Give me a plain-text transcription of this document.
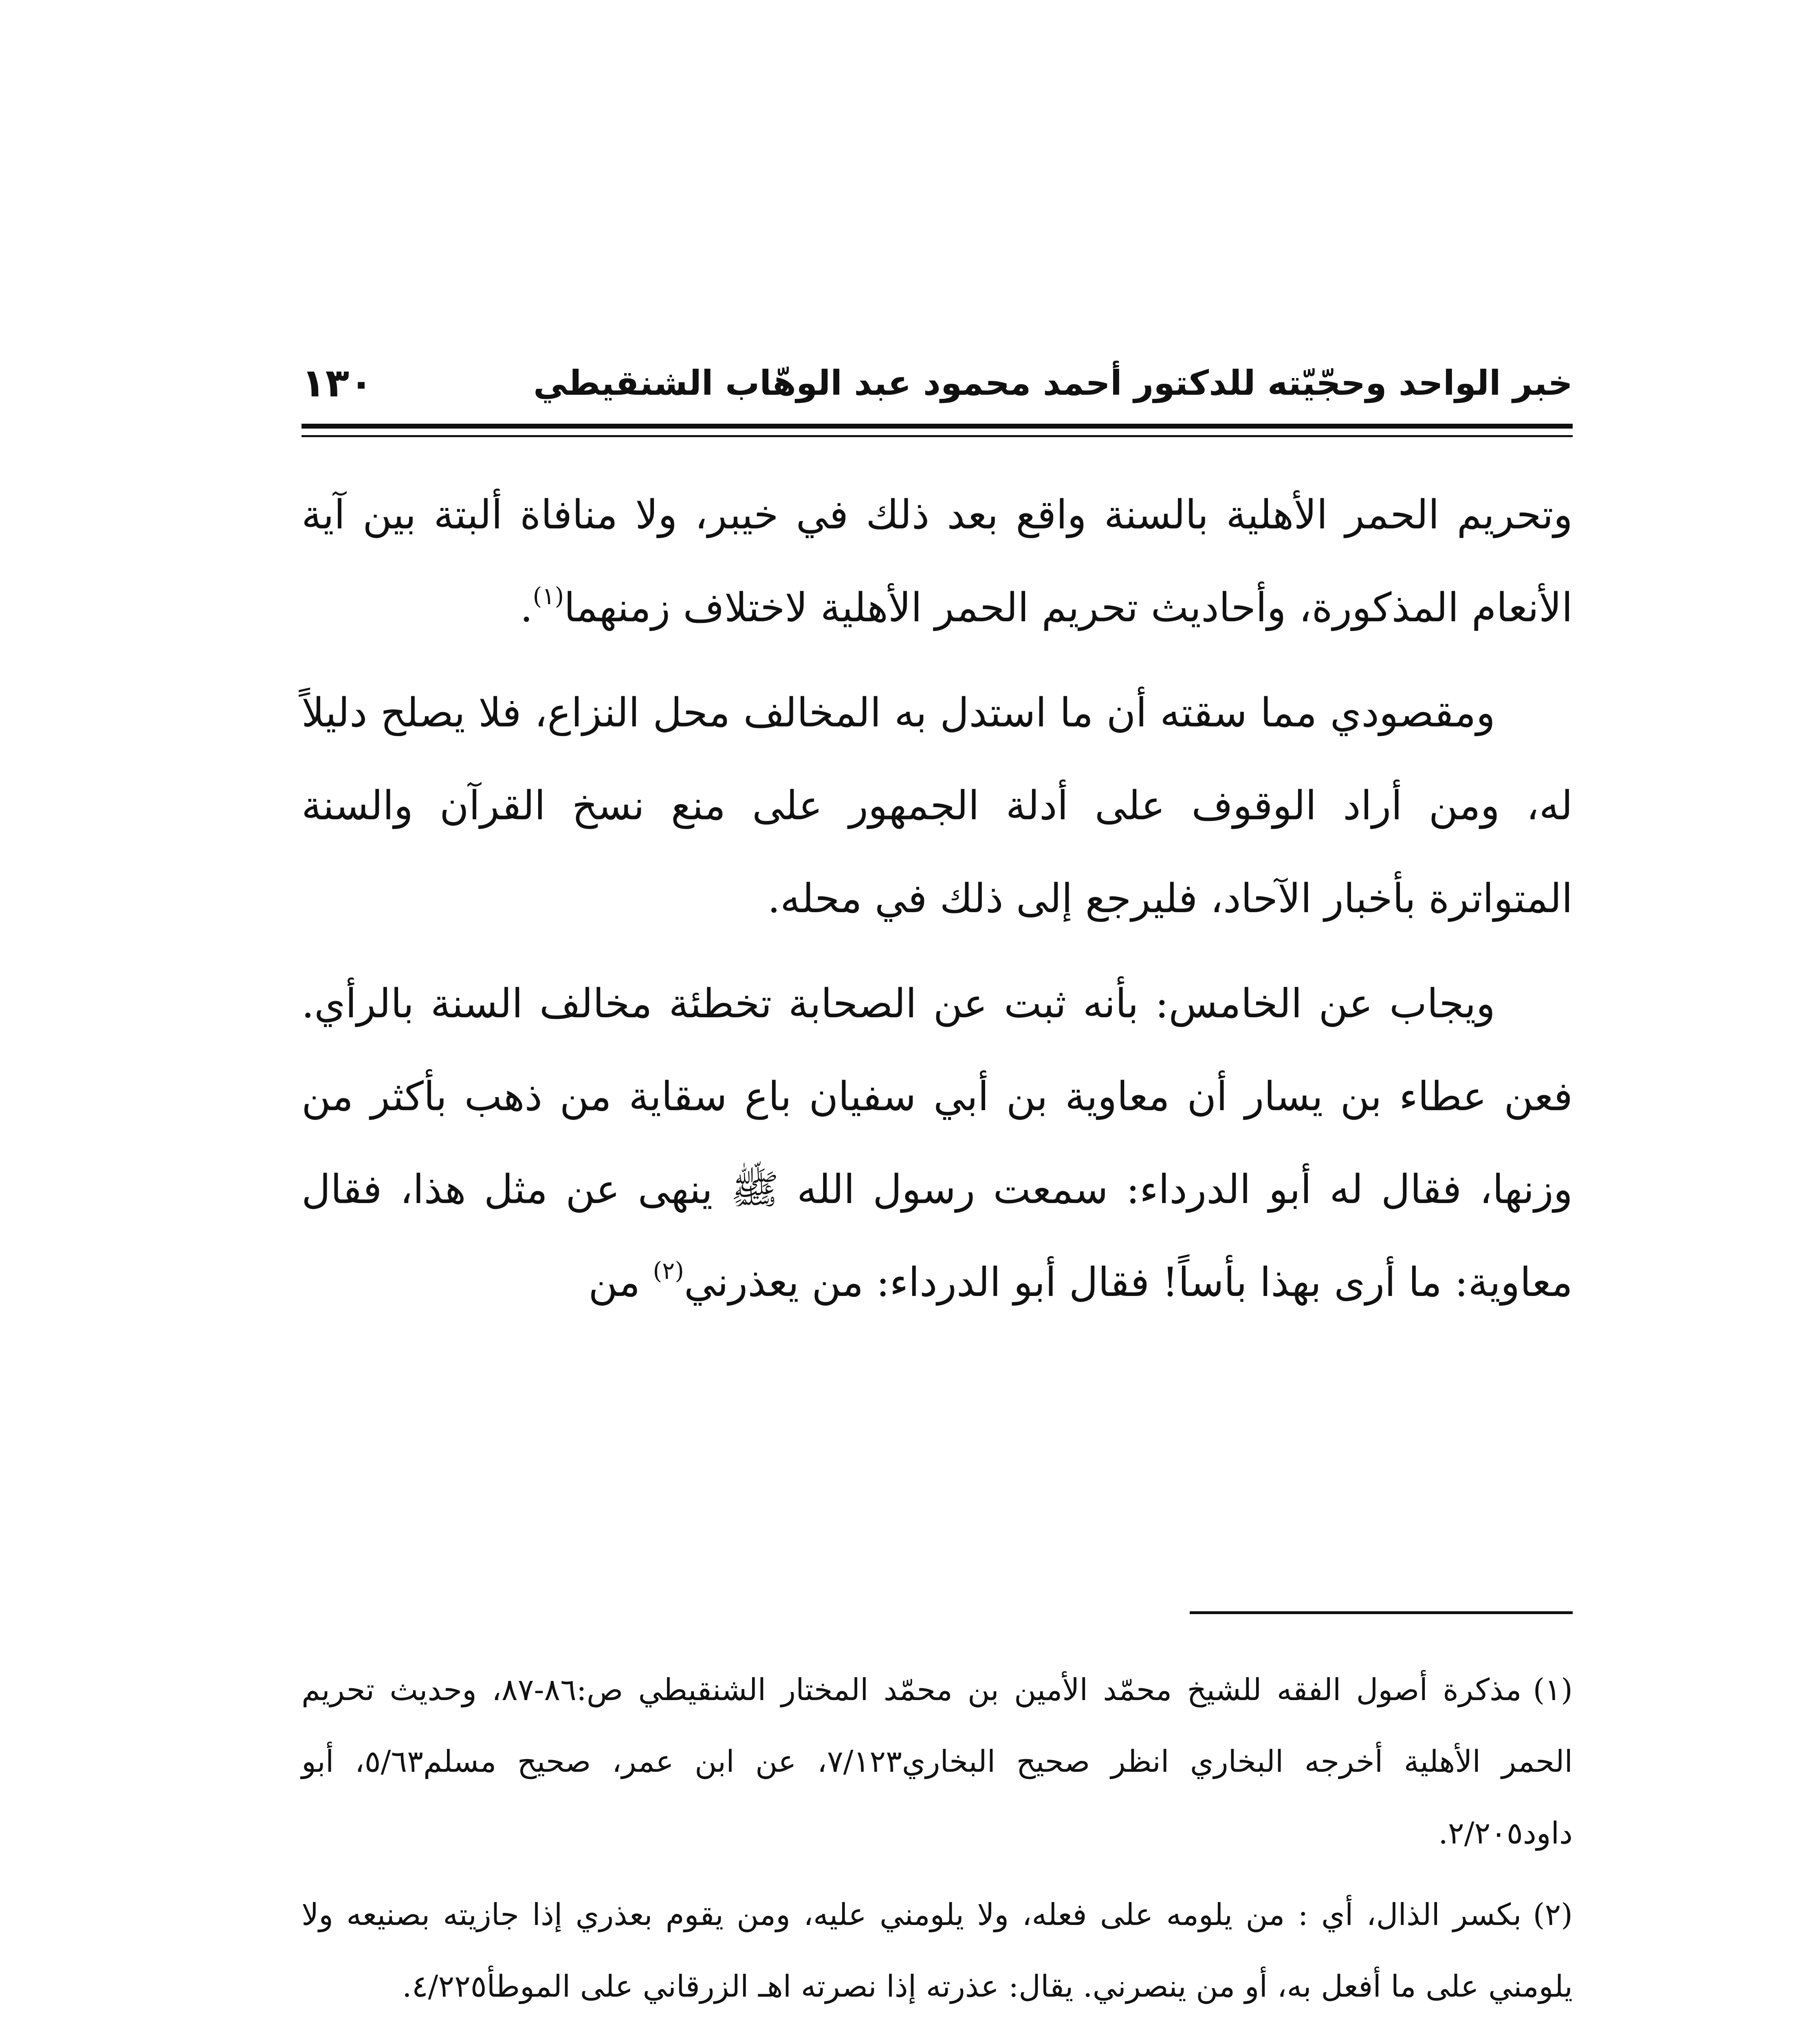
خبر الواحد وحجّيّته للدكتور أحمد محمود عبد الوهّاب الشنقيطي
١٣٠

وتحريم الحمر الأهلية بالسنة واقع بعد ذلك في خيبر، ولا منافاة ألبتة بين آية الأنعام المذكورة، وأحاديث تحريم الحمر الأهلية لاختلاف زمنهما$^{(١)}$.

ومقصودي مما سقته أن ما استدل به المخالف محل النزاع، فلا يصلح دليلاً له، ومن أراد الوقوف على أدلة الجمهور على منع نسخ القرآن والسنة المتواترة بأخبار الآحاد، فليرجع إلى ذلك في محله.

ويجاب عن الخامس: بأنه ثبت عن الصحابة تخطئة مخالف السنة بالرأي. فعن عطاء بن يسار أن معاوية بن أبي سفيان باع سقاية من ذهب بأكثر من وزنها، فقال له أبو الدرداء: سمعت رسول الله ﷺ ينهى عن مثل هذا، فقال معاوية: ما أرى بهذا بأساً! فقال أبو الدرداء: من يعذرني$^{(٢)}$ من

(١)مذكرة أصول الفقه للشيخ محمّد الأمين بن محمّد المختار الشنقيطي ص:٨٦-٨٧، وحديث تحريم الحمر الأهلية أخرجه البخاري انظر صحيح البخاري٧/١٢٣، عن ابن عمر، صحيح مسلم٥/٦٣، أبو داود٢/٢٠٥.

(٢)بكسر الذال، أي : من يلومه على فعله، ولا يلومني عليه، ومن يقوم بعذري إذا جازيته بصنيعه ولا يلومني على ما أفعل به، أو من ينصرني. يقال: عذرته إذا نصرته اهـ الزرقاني على الموطأ٤/٢٢٥.
